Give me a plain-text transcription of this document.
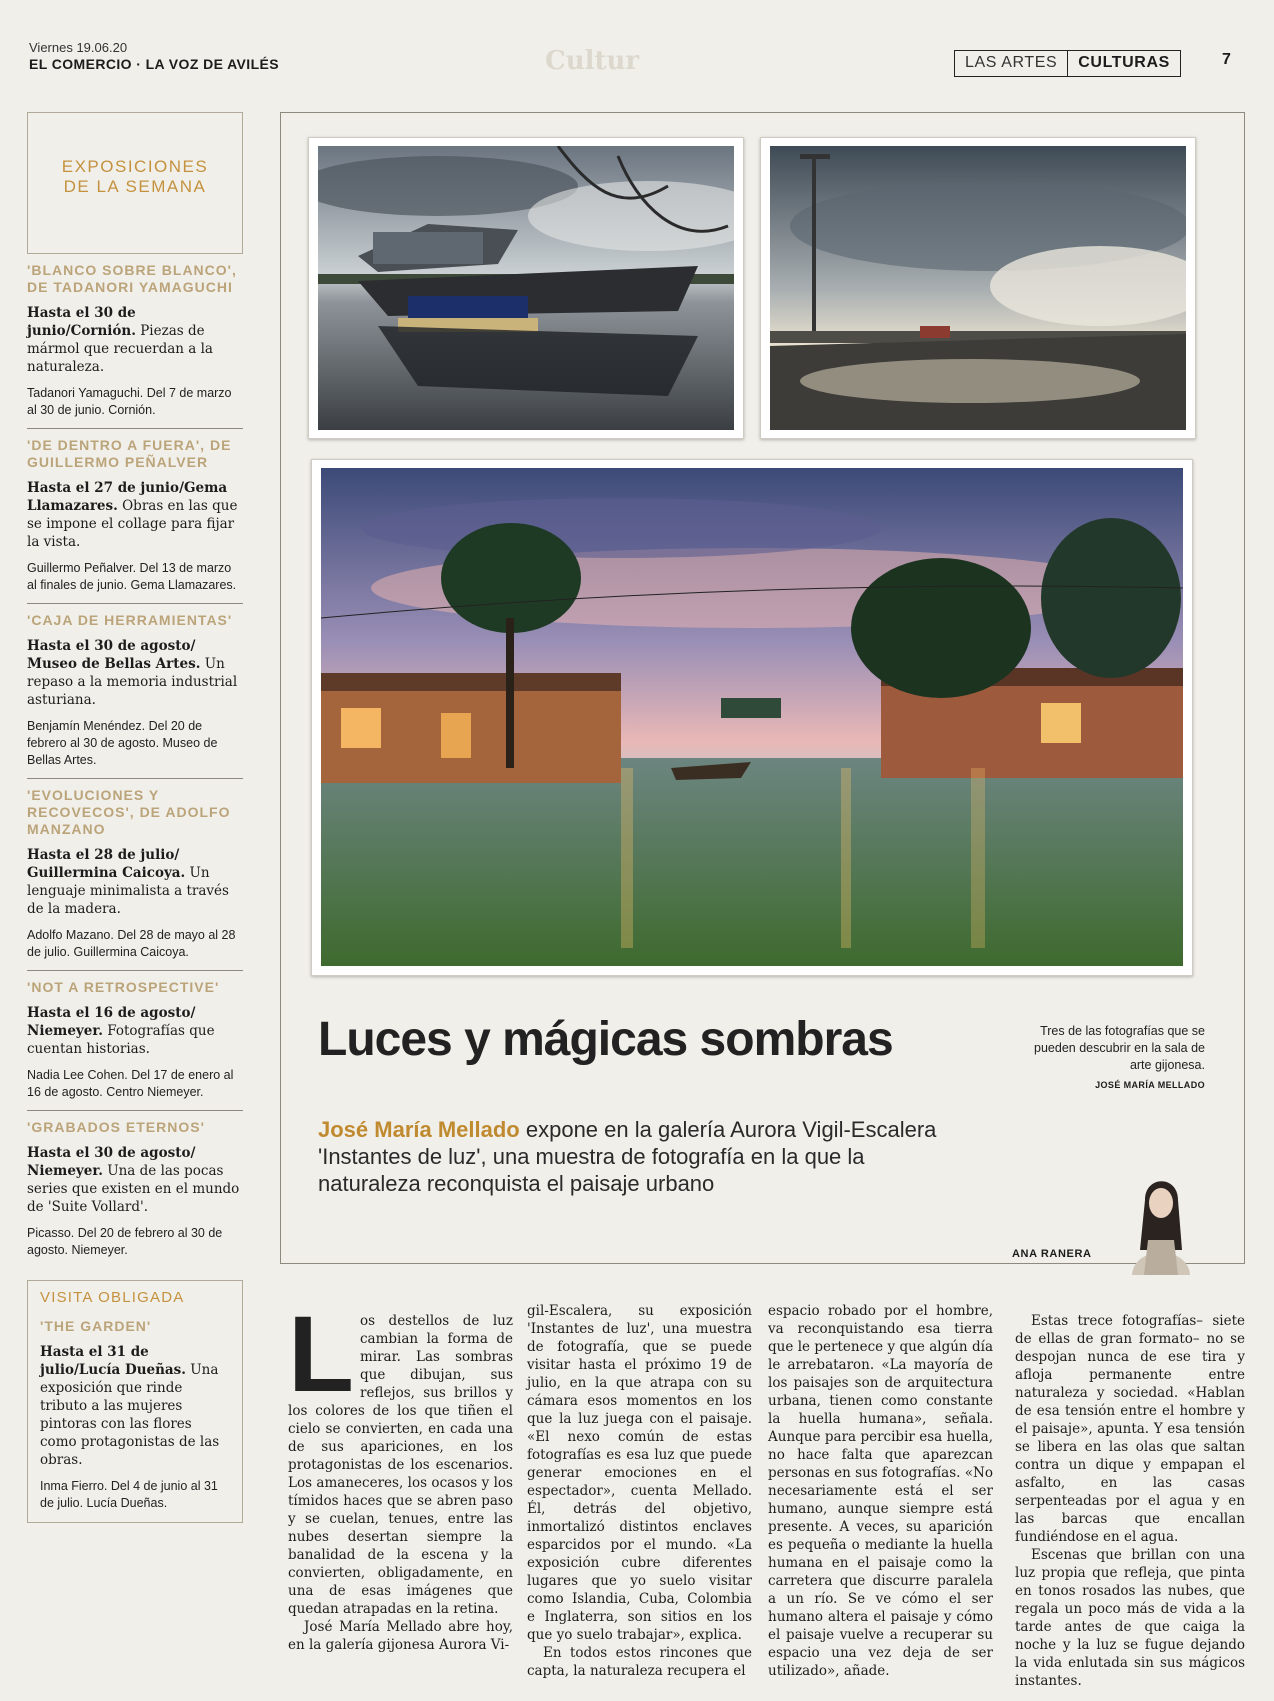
Viernes 19.06.20
EL COMERCIO · LA VOZ DE AVILÉS	Cultur	LAS ARTES	CULTURAS	7
EXPOSICIONES
DE LA SEMANA
'BLANCO SOBRE BLANCO', DE TADANORI YAMAGUCHI
Hasta el 30 de junio/Cornión. Piezas de mármol que recuerdan a la naturaleza.
Tadanori Yamaguchi. Del 7 de marzo al 30 de junio. Cornión.
'DE DENTRO A FUERA', DE GUILLERMO PEÑALVER
Hasta el 27 de junio/Gema Llamazares. Obras en las que se impone el collage para fijar la vista.
Guillermo Peñalver. Del 13 de marzo al finales de junio. Gema Llamazares.
'CAJA DE HERRAMIENTAS'
Hasta el 30 de agosto/ Museo de Bellas Artes. Un repaso a la memoria industrial asturiana.
Benjamín Menéndez. Del 20 de febrero al 30 de agosto. Museo de Bellas Artes.
'EVOLUCIONES Y RECOVECOS', DE ADOLFO MANZANO
Hasta el 28 de julio/ Guillermina Caicoya. Un lenguaje minimalista a través de la madera.
Adolfo Mazano. Del 28 de mayo al 28 de julio. Guillermina Caicoya.
'NOT A RETROSPECTIVE'
Hasta el 16 de agosto/ Niemeyer. Fotografías que cuentan historias.
Nadia Lee Cohen. Del 17 de enero al 16 de agosto. Centro Niemeyer.
'GRABADOS ETERNOS'
Hasta el 30 de agosto/ Niemeyer. Una de las pocas series que existen en el mundo de 'Suite Vollard'.
Picasso. Del 20 de febrero al 30 de agosto. Niemeyer.
VISITA OBLIGADA
'THE GARDEN'
Hasta el 31 de julio/Lucía Dueñas. Una exposición que rinde tributo a las mujeres pintoras con las flores como protagonistas de las obras.
Inma Fierro. Del 4 de junio al 31 de julio. Lucía Dueñas.
Luces y mágicas sombras	Tres de las fotografías que se pueden descubrir en la sala de arte gijonesa.
JOSÉ MARÍA MELLADO
José María Mellado expone en la galería Aurora Vigil-Escalera 'Instantes de luz', una muestra de fotografía en la que la naturaleza reconquista el paisaje urbano
ANA RANERA

Los destellos de luz cambian la forma de mirar. Las sombras que dibujan, sus reflejos, sus brillos y los colores de los que tiñen el cielo se convierten, en cada una de sus apariciones, en los protagonistas de los escenarios. Los amaneceres, los ocasos y los tímidos haces que se abren paso y se cuelan, tenues, entre las nubes desertan siempre la banalidad de la escena y la convierten, obligadamente, en una de esas imágenes que quedan atrapadas en la retina.

José María Mellado abre hoy, en la galería gijonesa Aurora Vi-

gil-Escalera, su exposición 'Instantes de luz', una muestra de fotografía, que se puede visitar hasta el próximo 19 de julio, en la que atrapa con su cámara esos momentos en los que la luz juega con el paisaje. «El nexo común de estas fotografías es esa luz que puede generar emociones en el espectador», cuenta Mellado. Él, detrás del objetivo, inmortalizó distintos enclaves esparcidos por el mundo. «La exposición cubre diferentes lugares que yo suelo visitar como Islandia, Cuba, Colombia e Inglaterra, son sitios en los que yo suelo trabajar», explica.

En todos estos rincones que capta, la naturaleza recupera el

espacio robado por el hombre, va reconquistando esa tierra que le pertenece y que algún día le arrebataron. «La mayoría de los paisajes son de arquitectura urbana, tienen como constante la huella humana», señala. Aunque para percibir esa huella, no hace falta que aparezcan personas en sus fotografías. «No necesariamente está el ser humano, aunque siempre está presente. A veces, su aparición es pequeña o mediante la huella humana en el paisaje como la carretera que discurre paralela a un río. Se ve cómo el ser humano altera el paisaje y cómo el paisaje vuelve a recuperar su espacio una vez deja de ser utilizado», añade.

Estas trece fotografías– siete de ellas de gran formato– no se despojan nunca de ese tira y afloja permanente entre naturaleza y sociedad. «Hablan de esa tensión entre el hombre y el paisaje», apunta. Y esa tensión se libera en las olas que saltan contra un dique y empapan el asfalto, en las casas serpenteadas por el agua y en las barcas que encallan fundiéndose en el agua.

Escenas que brillan con una luz propia que refleja, que pinta en tonos rosados las nubes, que regala un poco más de vida a la tarde antes de que caiga la noche y la luz se fugue dejando la vida enlutada sin sus mágicos instantes.
